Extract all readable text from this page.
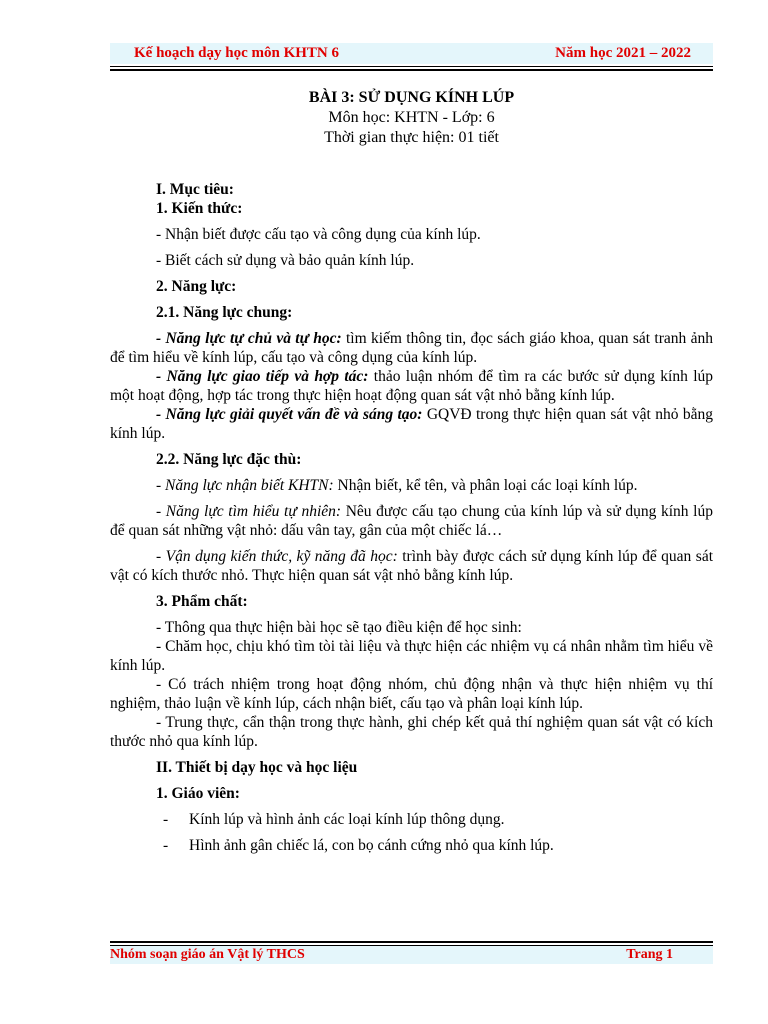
Kế hoạch dạy học môn KHTN 6	Năm học 2021 – 2022
BÀI 3: SỬ DỤNG KÍNH LÚP
Môn học: KHTN - Lớp: 6
Thời gian thực hiện: 01 tiết

I. Mục tiêu:

1. Kiến thức:

- Nhận biết được cấu tạo và công dụng của kính lúp.

- Biết cách sử dụng và bảo quản kính lúp.

2. Năng lực:

2.1. Năng lực chung:

- Năng lực tự chủ và tự học: tìm kiếm thông tin, đọc sách giáo khoa, quan sát tranh ảnh để tìm hiểu về kính lúp, cấu tạo và công dụng của kính lúp.

- Năng lực giao tiếp và hợp tác: thảo luận nhóm để tìm ra các bước sử dụng kính lúp một hoạt động, hợp tác trong thực hiện hoạt động quan sát vật nhỏ bằng kính lúp.

- Năng lực giải quyết vấn đề và sáng tạo: GQVĐ trong thực hiện quan sát vật nhỏ bằng kính lúp.

2.2. Năng lực đặc thù:

- Năng lực nhận biết KHTN: Nhận biết, kể tên, và phân loại các loại kính lúp.

- Năng lực tìm hiểu tự nhiên: Nêu được cấu tạo chung của kính lúp và sử dụng kính lúp để quan sát những vật nhỏ: dấu vân tay, gân của một chiếc lá…

- Vận dụng kiến thức, kỹ năng đã học: trình bày được cách sử dụng kính lúp để quan sát vật có kích thước nhỏ. Thực hiện quan sát vật nhỏ bằng kính lúp.

3. Phẩm chất:

- Thông qua thực hiện bài học sẽ tạo điều kiện để học sinh:

- Chăm học, chịu khó tìm tòi tài liệu và thực hiện các nhiệm vụ cá nhân nhằm tìm hiểu về kính lúp.

- Có trách nhiệm trong hoạt động nhóm, chủ động nhận và thực hiện nhiệm vụ thí nghiệm, thảo luận về kính lúp, cách nhận biết, cấu tạo và phân loại kính lúp.

- Trung thực, cẩn thận trong thực hành, ghi chép kết quả thí nghiệm quan sát vật có kích thước nhỏ qua kính lúp.

II. Thiết bị dạy học và học liệu

1. Giáo viên:

-	Kính lúp và hình ảnh các loại kính lúp thông dụng.
-	Hình ảnh gân chiếc lá, con bọ cánh cứng nhỏ qua kính lúp.
Nhóm soạn giáo án Vật lý THCS	Trang 1
